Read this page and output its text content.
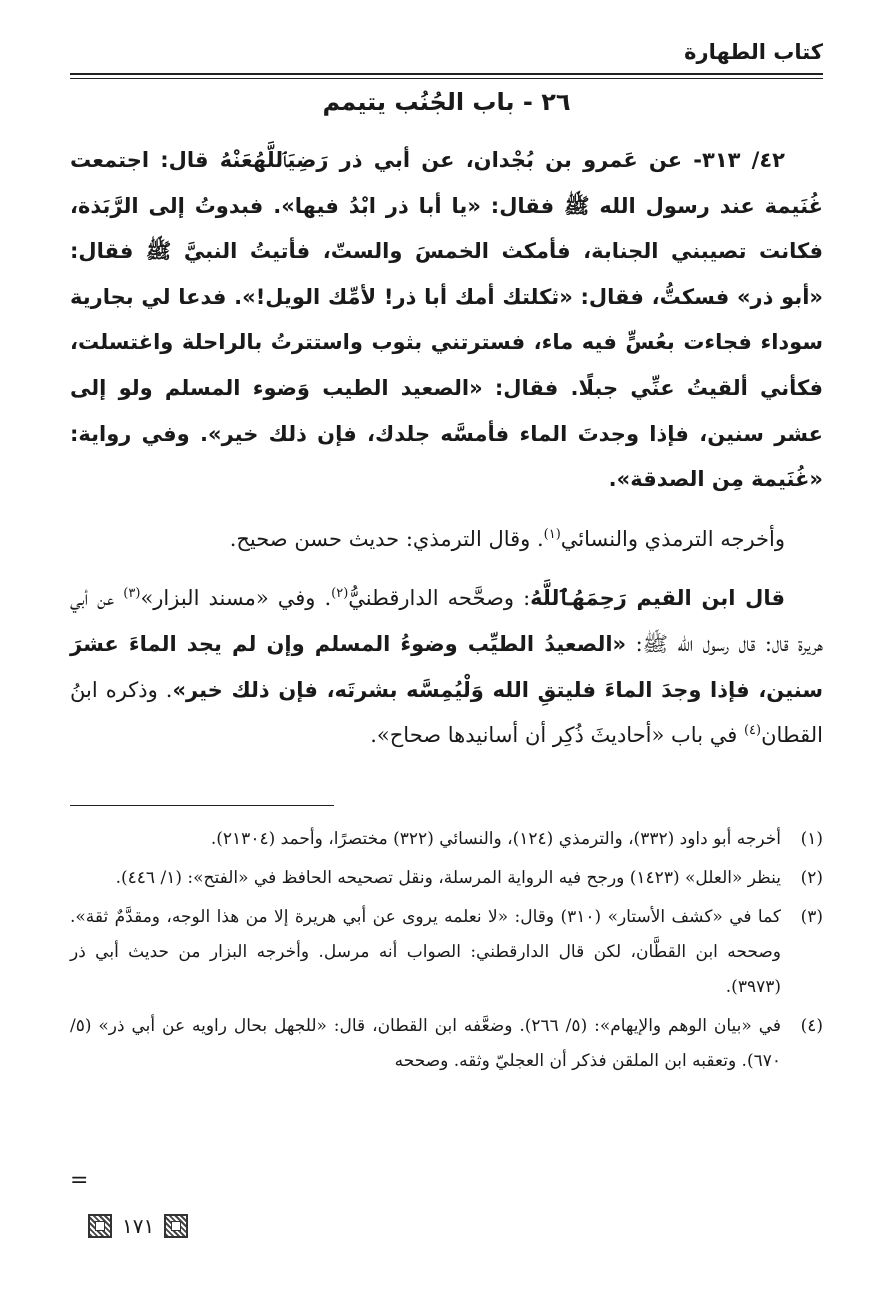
كتاب الطهارة
٢٦ - باب الجُنُب يتيمم

٤٢/ ٣١٣- عن عَمرو بن بُجْدان، عن أبي ذر رَضِيَٱللَّهُعَنْهُ قال: اجتمعت غُنَيمة عند رسول الله ﷺ فقال: «يا أبا ذر ابْدُ فيها». فبدوتُ إلى الرَّبَذة، فكانت تصيبني الجنابة، فأمكث الخمسَ والستّ، فأتيتُ النبيَّ ﷺ فقال: «أبو ذر» فسكتُّ، فقال: «ثكلتك أمك أبا ذر! لأمِّك الويل!». فدعا لي بجارية سوداء فجاءت بعُسٍّ فيه ماء، فسترتني بثوب واستترتُ بالراحلة واغتسلت، فكأني ألقيتُ عنِّي جبلًا. فقال: «الصعيد الطيب وَضوء المسلم ولو إلى عشر سنين، فإذا وجدتَ الماء فأمسَّه جلدك، فإن ذلك خير». وفي رواية: «غُنَيمة مِن الصدقة».

وأخرجه الترمذي والنسائي$^{(١)}$. وقال الترمذي: حديث حسن صحيح.

قال ابن القيم رَحِمَهُٱللَّهُ: وصحَّحه الدارقطنيُّ$^{(٢)}$. وفي «مسند البزار»$^{(٣)}$ عن أبي هريرة قال: قال رسول الله ﷺ: «الصعيدُ الطيِّب وضوءُ المسلم وإن لم يجد الماءَ عشرَ سنين، فإذا وجدَ الماءَ فليتقِ الله وَلْيُمِسَّه بشرتَه، فإن ذلك خير». وذكره ابنُ القطان$^{(٤)}$ في باب «أحاديثَ ذُكِر أن أسانيدها صحاح».

(١)
أخرجه أبو داود (٣٣٢)، والترمذي (١٢٤)، والنسائي (٣٢٢) مختصرًا، وأحمد (٢١٣٠٤).

(٢)
ينظر «العلل» (١٤٢٣) ورجح فيه الرواية المرسلة، ونقل تصحيحه الحافظ في «الفتح»: (١/ ٤٤٦).

(٣)
كما في «كشف الأستار» (٣١٠) وقال: «لا نعلمه يروى عن أبي هريرة إلا من هذا الوجه، ومقدَّمٌ ثقة». وصححه ابن القطَّان، لكن قال الدارقطني: الصواب أنه مرسل. وأخرجه البزار من حديث أبي ذر (٣٩٧٣).

(٤)
في «بيان الوهم والإيهام»: (٥/ ٢٦٦). وضعَّفه ابن القطان، قال: «للجهل بحال راويه عن أبي ذر» (٥/ ٦٧٠). وتعقبه ابن الملقن فذكر أن العجليّ وثقه. وصححه

=
١٧١
